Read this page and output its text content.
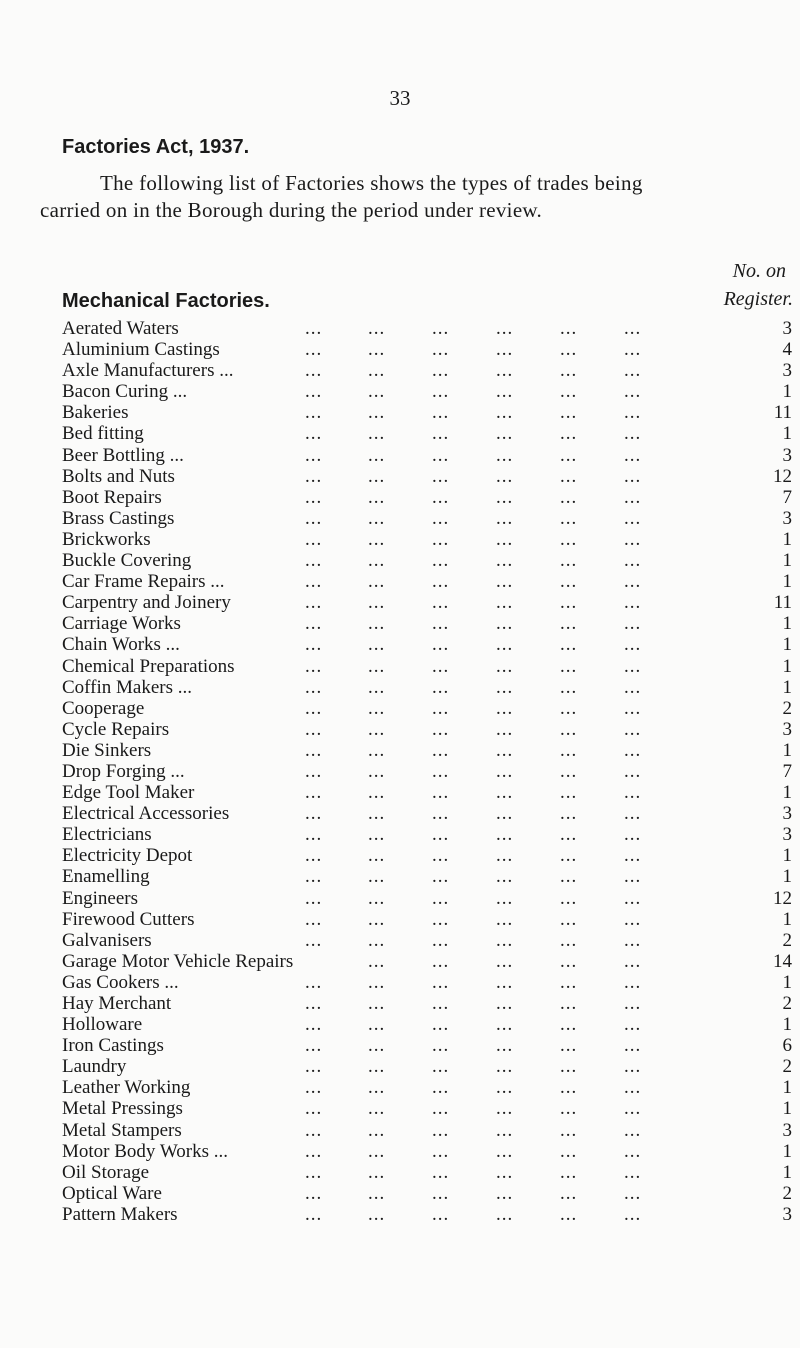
33
Factories Act, 1937.
The following list of Factories shows the types of trades being
carried on in the Borough during the period under review.
No. on
Register.
Mechanical Factories.
Aerated Waters	3
... ... ... ... ... ...
Aluminium Castings	4
... ... ... ... ... ...
Axle Manufacturers ...	3
... ... ... ... ... ...
Bacon Curing ...	1
... ... ... ... ... ...
Bakeries	11
... ... ... ... ... ...
Bed fitting	1
... ... ... ... ... ...
Beer Bottling ...	3
... ... ... ... ... ...
Bolts and Nuts	12
... ... ... ... ... ...
Boot Repairs	7
... ... ... ... ... ...
Brass Castings	3
... ... ... ... ... ...
Brickworks	1
... ... ... ... ... ...
Buckle Covering	1
... ... ... ... ... ...
Car Frame Repairs ...	1
... ... ... ... ... ...
Carpentry and Joinery	11
... ... ... ... ... ...
Carriage Works	1
... ... ... ... ... ...
Chain Works ...	1
... ... ... ... ... ...
Chemical Preparations	1
... ... ... ... ... ...
Coffin Makers ...	1
... ... ... ... ... ...
Cooperage	2
... ... ... ... ... ...
Cycle Repairs	3
... ... ... ... ... ...
Die Sinkers	1
... ... ... ... ... ...
Drop Forging ...	7
... ... ... ... ... ...
Edge Tool Maker	1
... ... ... ... ... ...
Electrical Accessories	3
... ... ... ... ... ...
Electricians	3
... ... ... ... ... ...
Electricity Depot	1
... ... ... ... ... ...
Enamelling	1
... ... ... ... ... ...
Engineers	12
... ... ... ... ... ...
Firewood Cutters	1
... ... ... ... ... ...
Galvanisers	2
... ... ... ... ... ...
Garage Motor Vehicle Repairs	14
... ... ... ... ...
Gas Cookers ...	1
... ... ... ... ... ...
Hay Merchant	2
... ... ... ... ... ...
Holloware	1
... ... ... ... ... ...
Iron Castings	6
... ... ... ... ... ...
Laundry	2
... ... ... ... ... ...
Leather Working	1
... ... ... ... ... ...
Metal Pressings	1
... ... ... ... ... ...
Metal Stampers	3
... ... ... ... ... ...
Motor Body Works ...	1
... ... ... ... ... ...
Oil Storage	1
... ... ... ... ... ...
Optical Ware	2
... ... ... ... ... ...
Pattern Makers	3
... ... ... ... ... ...
